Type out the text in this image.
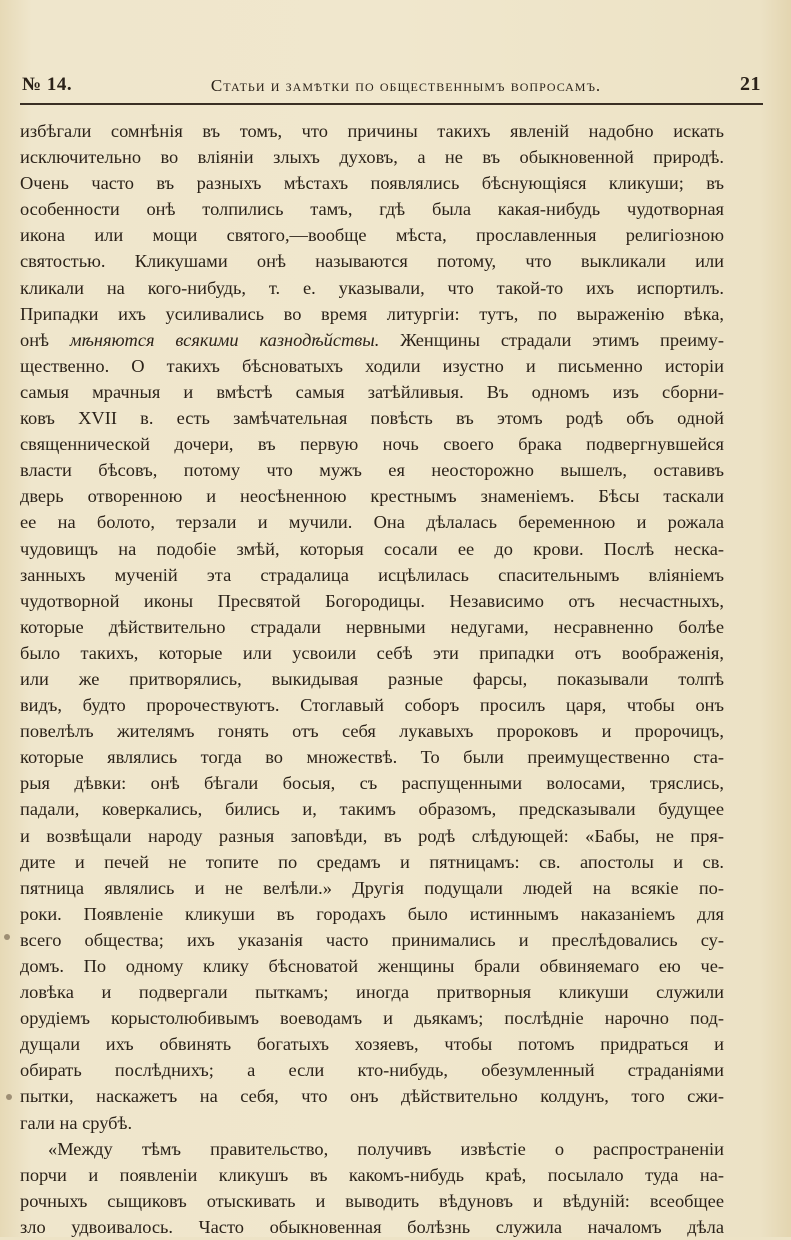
№ 14.	Статьи и замѣтки по общественнымъ вопросамъ.	21
избѣгали сомнѣнія въ томъ, что причины такихъ явленій надобно искать
исключительно во вліяніи злыхъ духовъ, а не въ обыкновенной природѣ.
Очень часто въ разныхъ мѣстахъ появлялись бѣснующіяся кликуши; въ
особенности онѣ толпились тамъ, гдѣ была какая-нибудь чудотворная
икона или мощи святого,—вообще мѣста, прославленныя религіозною
святостью. Кликушами онѣ называются потому, что выкликали или
кликали на кого-нибудь, т. е. указывали, что такой-то ихъ испортилъ.
Припадки ихъ усиливались во время литургіи: тутъ, по выраженію вѣка,
онѣ мѣняются всякими казнодѣйствы. Женщины страдали этимъ преиму-
щественно. О такихъ бѣсноватыхъ ходили изустно и письменно исторіи
самыя мрачныя и вмѣстѣ самыя затѣйливыя. Въ одномъ изъ сборни-
ковъ XVII в. есть замѣчательная повѣсть въ этомъ родѣ объ одной
священнической дочери, въ первую ночь своего брака подвергнувшейся
власти бѣсовъ, потому что мужъ ея неосторожно вышелъ, оставивъ
дверь отворенною и неосѣненною крестнымъ знаменіемъ. Бѣсы таскали
ее на болото, терзали и мучили. Она дѣлалась беременною и рожала
чудовищъ на подобіе змѣй, которыя сосали ее до крови. Послѣ неска-
занныхъ мученій эта страдалица исцѣлилась спасительнымъ вліяніемъ
чудотворной иконы Пресвятой Богородицы. Независимо отъ несчастныхъ,
которые дѣйствительно страдали нервными недугами, несравненно болѣе
было такихъ, которые или усвоили себѣ эти припадки отъ воображенія,
или же притворялись, выкидывая разные фарсы, показывали толпѣ
видъ, будто пророчествуютъ. Стоглавый соборъ просилъ царя, чтобы онъ
повелѣлъ жителямъ гонять отъ себя лукавыхъ пророковъ и пророчицъ,
которые являлись тогда во множествѣ. То были преимущественно ста-
рыя дѣвки: онѣ бѣгали босыя, съ распущенными волосами, тряслись,
падали, коверкались, бились и, такимъ образомъ, предсказывали будущее
и возвѣщали народу разныя заповѣди, въ родѣ слѣдующей: «Бабы, не пря-
дите и печей не топите по средамъ и пятницамъ: св. апостолы и св.
пятница являлись и не велѣли.» Другія подущали людей на всякіе по-
роки. Появленіе кликуши въ городахъ было истиннымъ наказаніемъ для
всего общества; ихъ указанія часто принимались и преслѣдовались су-
домъ. По одному клику бѣсноватой женщины брали обвиняемаго ею че-
ловѣка и подвергали пыткамъ; иногда притворныя кликуши служили
орудіемъ корыстолюбивымъ воеводамъ и дьякамъ; послѣдніе нарочно под-
дущали ихъ обвинять богатыхъ хозяевъ, чтобы потомъ придраться и
обирать послѣднихъ; а если кто-нибудь, обезумленный страданіями
пытки, наскажетъ на себя, что онъ дѣйствительно колдунъ, того сжи-
гали на срубѣ.
«Между тѣмъ правительство, получивъ извѣстіе о распространеніи
порчи и появленіи кликушъ въ какомъ-нибудь краѣ, посылало туда на-
рочныхъ сыщиковъ отыскивать и выводить вѣдуновъ и вѣдуній: всеобщее
зло удвоивалось. Часто обыкновенная болѣзнь служила началомъ дѣла
